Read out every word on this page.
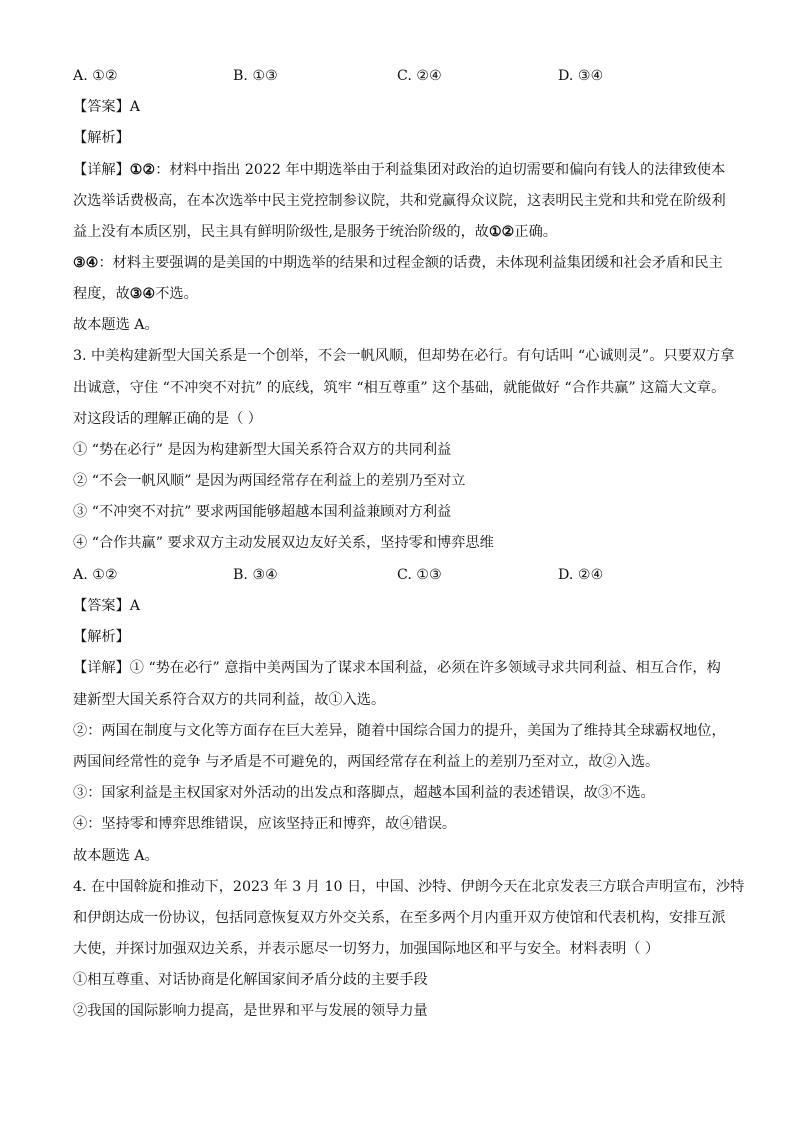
A. ①②	B. ①③	C. ②④	D. ③④
【答案】A
【解析】
【详解】①②：材料中指出 2022 年中期选举由于利益集团对政治的迫切需要和偏向有钱人的法律致使本
次选举话费极高，在本次选举中民主党控制参议院，共和党赢得众议院，这表明民主党和共和党在阶级利
益上没有本质区别，民主具有鲜明阶级性,是服务于统治阶级的，故①②正确。
③④：材料主要强调的是美国的中期选举的结果和过程金额的话费，未体现利益集团缓和社会矛盾和民主
程度，故③④不选。
故本题选 A。
3. 中美构建新型大国关系是一个创举，不会一帆风顺，但却势在必行。有句话叫 “心诚则灵”。只要双方拿
出诚意，守住 “不冲突不对抗” 的底线，筑牢 “相互尊重” 这个基础，就能做好 “合作共赢” 这篇大文章。
对这段话的理解正确的是（ ）
① “势在必行” 是因为构建新型大国关系符合双方的共同利益
② “不会一帆风顺” 是因为两国经常存在利益上的差别乃至对立
③ “不冲突不对抗” 要求两国能够超越本国利益兼顾对方利益
④ “合作共赢” 要求双方主动发展双边友好关系，坚持零和博弈思维
A. ①②	B. ③④	C. ①③	D. ②④
【答案】A
【解析】
【详解】① “势在必行” 意指中美两国为了谋求本国利益，必须在许多领域寻求共同利益、相互合作，构
建新型大国关系符合双方的共同利益，故①入选。
②：两国在制度与文化等方面存在巨大差异，随着中国综合国力的提升，美国为了维持其全球霸权地位，
两国间经常性的竞争 与矛盾是不可避免的，两国经常存在利益上的差别乃至对立，故②入选。
③：国家利益是主权国家对外活动的出发点和落脚点，超越本国利益的表述错误，故③不选。
④：坚持零和博弈思维错误，应该坚持正和博弈，故④错误。
故本题选 A。
4. 在中国斡旋和推动下，2023 年 3 月 10 日，中国、沙特、伊朗今天在北京发表三方联合声明宣布，沙特
和伊朗达成一份协议，包括同意恢复双方外交关系，在至多两个月内重开双方使馆和代表机构，安排互派
大使，并探讨加强双边关系，并表示愿尽一切努力，加强国际地区和平与安全。材料表明（ ）
①相互尊重、对话协商是化解国家间矛盾分歧的主要手段
②我国的国际影响力提高，是世界和平与发展的领导力量
